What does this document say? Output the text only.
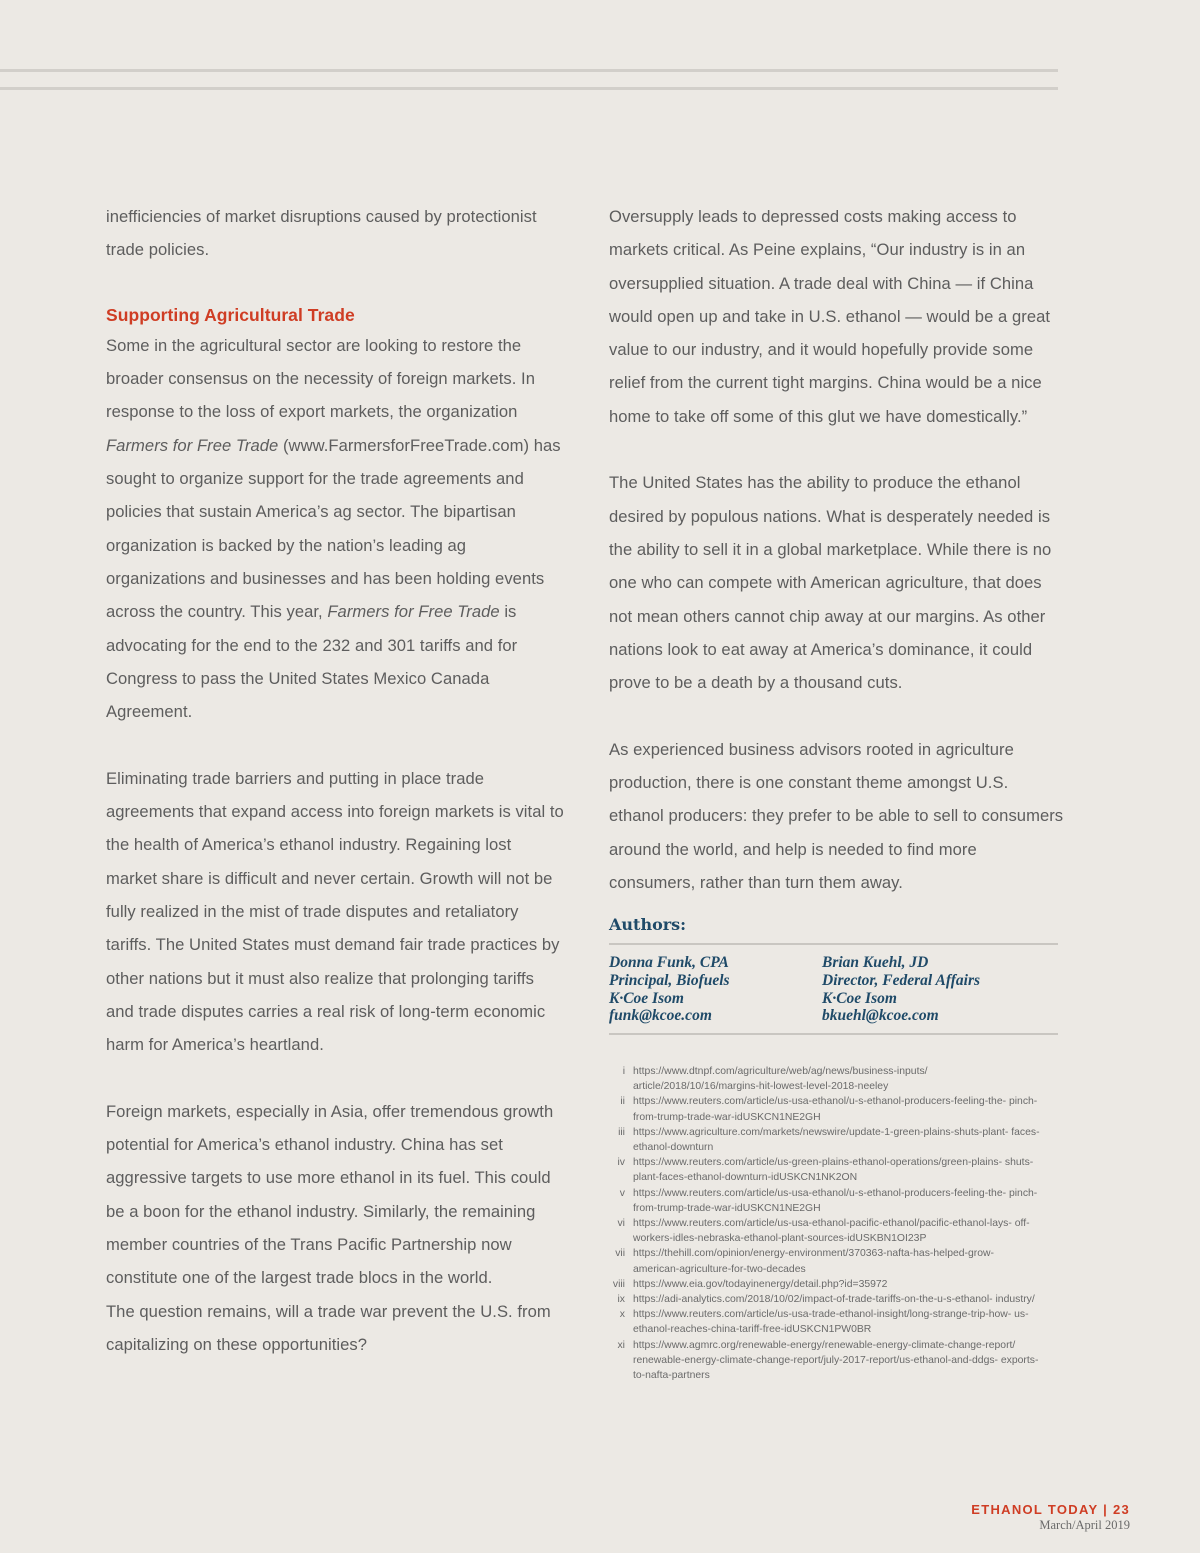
inefficiencies of market disruptions caused by protectionist trade policies.

Supporting Agricultural Trade

Some in the agricultural sector are looking to restore the broader consensus on the necessity of foreign markets. In response to the loss of export markets, the organization Farmers for Free Trade (www.FarmersforFreeTrade.com) has sought to organize support for the trade agreements and policies that sustain America’s ag sector. The bipartisan organization is backed by the nation’s leading ag organizations and businesses and has been holding events across the country. This year, Farmers for Free Trade is advocating for the end to the 232 and 301 tariffs and for Congress to pass the United States Mexico Canada Agreement.

Eliminating trade barriers and putting in place trade agreements that expand access into foreign markets is vital to the health of America’s ethanol industry. Regaining lost market share is difficult and never certain. Growth will not be fully realized in the mist of trade disputes and retaliatory tariffs. The United States must demand fair trade practices by other nations but it must also realize that prolonging tariffs and trade disputes carries a real risk of long-term economic harm for America’s heartland.

Foreign markets, especially in Asia, offer tremendous growth potential for America’s ethanol industry. China has set aggressive targets to use more ethanol in its fuel. This could be a boon for the ethanol industry. Similarly, the remaining member countries of the Trans Pacific Partnership now constitute one of the largest trade blocs in the world.

The question remains, will a trade war prevent the U.S. from capitalizing on these opportunities?

Oversupply leads to depressed costs making access to markets critical. As Peine explains, “Our industry is in an oversupplied situation. A trade deal with China — if China would open up and take in U.S. ethanol — would be a great value to our industry, and it would hopefully provide some relief from the current tight margins. China would be a nice home to take off some of this glut we have domestically.”

The United States has the ability to produce the ethanol desired by populous nations. What is desperately needed is the ability to sell it in a global marketplace. While there is no one who can compete with American agriculture, that does not mean others cannot chip away at our margins. As other nations look to eat away at America’s dominance, it could prove to be a death by a thousand cuts.

As experienced business advisors rooted in agriculture production, there is one constant theme amongst U.S. ethanol producers: they prefer to be able to sell to consumers around the world, and help is needed to find more consumers, rather than turn them away.

Authors:
Donna Funk, CPA
Principal, Biofuels
K·Coe Isom
funk@kcoe.com
Brian Kuehl, JD
Director, Federal Affairs
K·Coe Isom
bkuehl@kcoe.com
i https://www.dtnpf.com/agriculture/web/ag/news/business-inputs/ article/2018/10/16/margins-hit-lowest-level-2018-neeley
ii https://www.reuters.com/article/us-usa-ethanol/u-s-ethanol-producers-feeling-the- pinch-from-trump-trade-war-idUSKCN1NE2GH
iii https://www.agriculture.com/markets/newswire/update-1-green-plains-shuts-plant- faces-ethanol-downturn
iv https://www.reuters.com/article/us-green-plains-ethanol-operations/green-plains- shuts-plant-faces-ethanol-downturn-idUSKCN1NK2ON
v https://www.reuters.com/article/us-usa-ethanol/u-s-ethanol-producers-feeling-the- pinch-from-trump-trade-war-idUSKCN1NE2GH
vi https://www.reuters.com/article/us-usa-ethanol-pacific-ethanol/pacific-ethanol-lays- off-workers-idles-nebraska-ethanol-plant-sources-idUSKBN1OI23P
vii https://thehill.com/opinion/energy-environment/370363-nafta-has-helped-grow- american-agriculture-for-two-decades
viii https://www.eia.gov/todayinenergy/detail.php?id=35972
ix https://adi-analytics.com/2018/10/02/impact-of-trade-tariffs-on-the-u-s-ethanol- industry/
x https://www.reuters.com/article/us-usa-trade-ethanol-insight/long-strange-trip-how- us-ethanol-reaches-china-tariff-free-idUSKCN1PW0BR
xi https://www.agmrc.org/renewable-energy/renewable-energy-climate-change-report/ renewable-energy-climate-change-report/july-2017-report/us-ethanol-and-ddgs- exports-to-nafta-partners
ETHANOL TODAY | 23
March/April 2019
